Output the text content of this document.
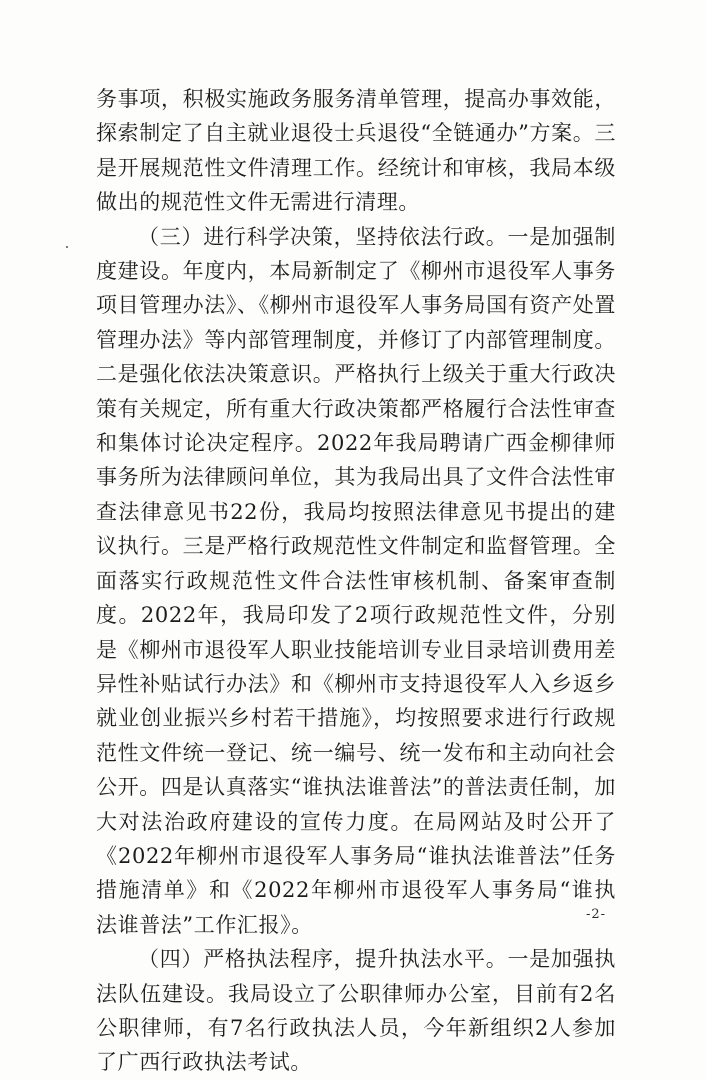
务事项，积极实施政务服务清单管理，提高办事效能，探索制定了自主就业退役士兵退役“全链通办”方案。三是开展规范性文件清理工作。经统计和审核，我局本级做出的规范性文件无需进行清理。

（三）进行科学决策，坚持依法行政。一是加强制度建设。年度内，本局新制定了《柳州市退役军人事务项目管理办法》、《柳州市退役军人事务局国有资产处置管理办法》等内部管理制度，并修订了内部管理制度。二是强化依法决策意识。严格执行上级关于重大行政决策有关规定，所有重大行政决策都严格履行合法性审查和集体讨论决定程序。2022年我局聘请广西金柳律师事务所为法律顾问单位，其为我局出具了文件合法性审查法律意见书22份，我局均按照法律意见书提出的建议执行。三是严格行政规范性文件制定和监督管理。全面落实行政规范性文件合法性审核机制、备案审查制度。2022年，我局印发了2项行政规范性文件，分别是《柳州市退役军人职业技能培训专业目录培训费用差异性补贴试行办法》和《柳州市支持退役军人入乡返乡就业创业振兴乡村若干措施》，均按照要求进行行政规范性文件统一登记、统一编号、统一发布和主动向社会公开。四是认真落实“谁执法谁普法”的普法责任制，加大对法治政府建设的宣传力度。在局网站及时公开了《2022年柳州市退役军人事务局“谁执法谁普法”任务措施清单》和《2022年柳州市退役军人事务局“谁执法谁普法”工作汇报》。

（四）严格执法程序，提升执法水平。一是加强执法队伍建设。我局设立了公职律师办公室，目前有2名公职律师，有7名行政执法人员，今年新组织2人参加了广西行政执法考试。

-2-
